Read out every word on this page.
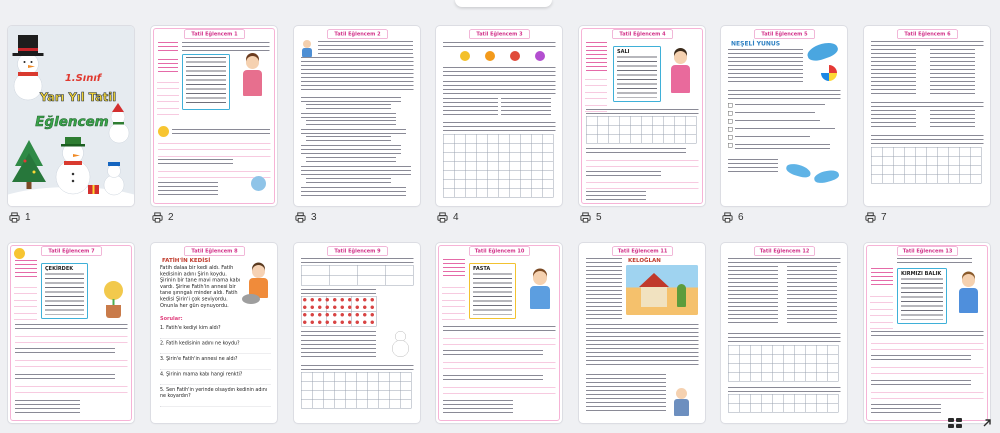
1.Sınıf
Yarı Yıl Tatil
Eğlencem
Tatil Eğlencem 1	Tatil Eğlencem 2	Tatil Eğlencem 3	Tatil Eğlencem 4
SALI
Tatil Eğlencem 5
NEŞELİ YUNUS
Tatil Eğlencem 6
1	2	3	4	5	6	7
Tatil Eğlencem 7
ÇEKİRDEK
Tatil Eğlencem 8
FATİH'İN KEDİSİ
Fatih dalaa bir kedi aldı. Fatih kedisinin adını Şirin koydu. Şirinin bir tane mavi mama kabı vardı. Şirine Fatih'in annesi bir tane şırıngalı minder aldı. Fatih kedisi Şirin'i çok seviyordu. Onunla her gün oynuyordu.
Sorular:
1. Fatih'e kediyi kim aldı?
2. Fatih kedisinin adını ne koydu?
3. Şirin'e Fatih'in annesi ne aldı?
4. Şirinin mama kabı hangi renkti?
5. Sen Fatih'in yerinde olsaydın kedinin adını ne koyardın?
Tatil Eğlencem 9	Tatil Eğlencem 10
FASTA
Tatil Eğlencem 11
KELOĞLAN
Tatil Eğlencem 12	Tatil Eğlencem 13
KIRMIZI BALIK
